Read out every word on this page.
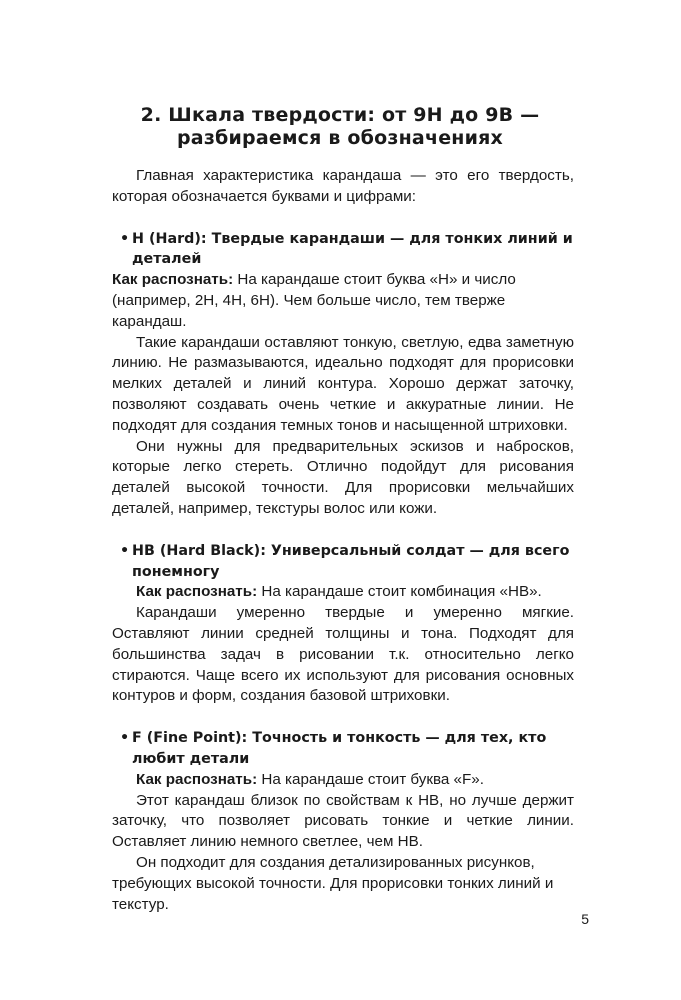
2. Шкала твердости: от 9H до 9B —
разбираемся в обозначениях

Главная характеристика карандаша — это его твердость, которая обозначается буквами и цифрами:

• H (Hard): Твердые карандаши — для тонких линий и деталей

Как распознать: На карандаше стоит буква «H» и число (например, 2H, 4H, 6H). Чем больше число, тем тверже карандаш.

Такие карандаши оставляют тонкую, светлую, едва заметную линию. Не размазываются, идеально подходят для прорисовки мелких деталей и линий контура. Хорошо держат заточку, позволяют создавать очень четкие и аккуратные линии. Не подходят для создания темных тонов и насыщенной штриховки.

Они нужны для предварительных эскизов и набросков, которые легко стереть. Отлично подойдут для рисования деталей высокой точности. Для прорисовки мельчайших деталей, например, текстуры волос или кожи.

• HB (Hard Black): Универсальный солдат — для всего понемногу

Как распознать: На карандаше стоит комбинация «HB».

Карандаши умеренно твердые и умеренно мягкие. Оставляют линии средней толщины и тона. Подходят для большинства задач в рисовании т.к. относительно легко стираются. Чаще всего их используют для рисования основных контуров и форм, создания базовой штриховки.

• F (Fine Point): Точность и тонкость — для тех, кто любит детали

Как распознать: На карандаше стоит буква «F».

Этот карандаш близок по свойствам к HB, но лучше держит заточку, что позволяет рисовать тонкие и четкие линии. Оставляет линию немного светлее, чем HB.

Он подходит для создания детализированных рисунков, требующих высокой точности. Для прорисовки тонких линий и текстур.

5
